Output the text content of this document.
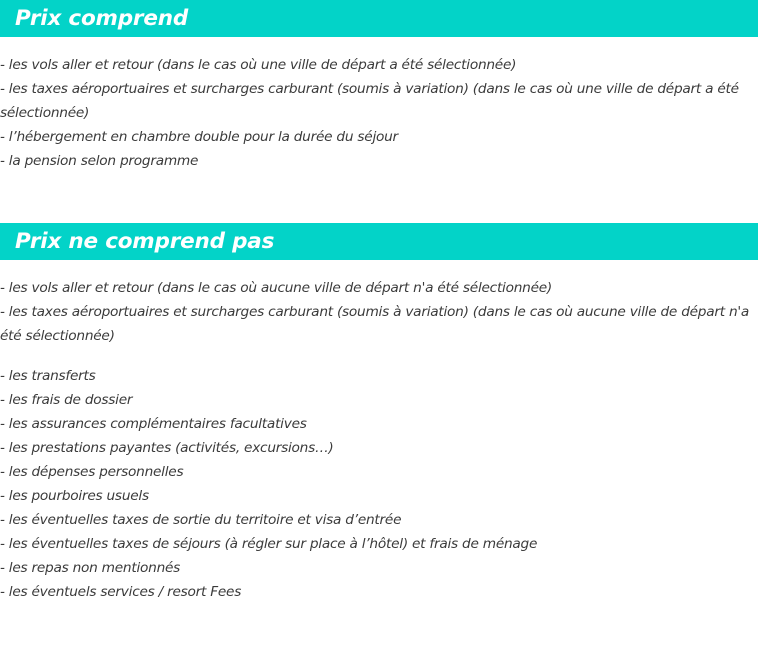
Prix comprend
- les vols aller et retour (dans le cas où une ville de départ a été sélectionnée)
- les taxes aéroportuaires et surcharges carburant (soumis à variation) (dans le cas où une ville de départ a été sélectionnée)
- l’hébergement en chambre double pour la durée du séjour
- la pension selon programme
Prix ne comprend pas
- les vols aller et retour (dans le cas où aucune ville de départ n'a été sélectionnée)
- les taxes aéroportuaires et surcharges carburant (soumis à variation) (dans le cas où aucune ville de départ n'a été sélectionnée)
- les transferts
- les frais de dossier
- les assurances complémentaires facultatives
- les prestations payantes (activités, excursions…)
- les dépenses personnelles
- les pourboires usuels
- les éventuelles taxes de sortie du territoire et visa d’entrée
- les éventuelles taxes de séjours (à régler sur place à l’hôtel) et frais de ménage
- les repas non mentionnés
- les éventuels services / resort Fees
